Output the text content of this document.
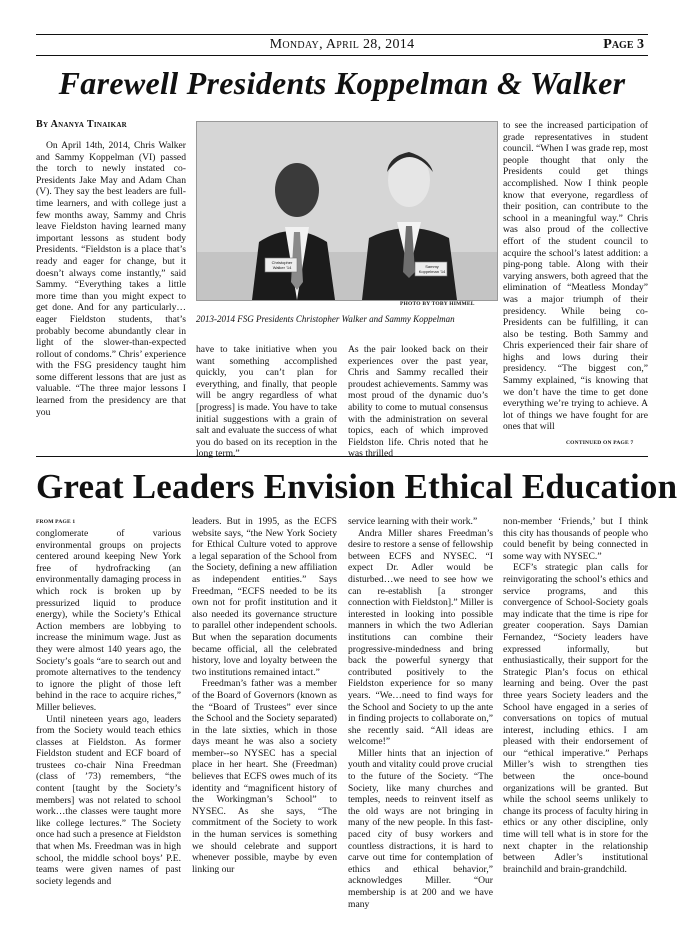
Monday, April 28, 2014	Page 3
Farewell Presidents Koppelman & Walker
By Ananya Tinaikar

On April 14th, 2014, Chris Walker and Sammy Koppelman (VI) passed the torch to newly instated co-Presidents Jake May and Adam Chan (V). They say the best leaders are full-time learners, and with college just a few months away, Sammy and Chris leave Fieldston having learned many important lessons as student body Presidents. “Fieldston is a place that’s ready and eager for change, but it doesn’t always come instantly,” said Sammy. “Everything takes a little more time than you might expect to get done. And for any particularly…eager Fieldston students, that’s probably become abundantly clear in light of the slower-than-expected rollout of condoms.” Chris’ experience with the FSG presidency taught him some different lessons that are just as valuable. “The three major lessons I learned from the presidency are that you

Christopher Walker '14	Sammy Koppelman '14
PHOTO BY TOBY HIMMEL
2013-2014 FSG Presidents Christopher Walker and Sammy Koppelman

have to take initiative when you want something accomplished quickly, you can’t plan for everything, and finally, that people will be angry regardless of what [progress] is made. You have to take initial suggestions with a grain of salt and evaluate the success of what you do based on its reception in the long term.”

As the pair looked back on their experiences over the past year, Chris and Sammy recalled their proudest achievements. Sammy was most proud of the dynamic duo’s ability to come to mutual consensus with the administration on several topics, each of which improved Fieldston life. Chris noted that he was thrilled

to see the increased participation of grade representatives in student council. “When I was grade rep, most people thought that only the Presidents could get things accomplished. Now I think people know that everyone, regardless of their position, can contribute to the school in a meaningful way.” Chris was also proud of the collective effort of the student council to acquire the school’s latest addition: a ping-pong table. Along with their varying answers, both agreed that the elimination of “Meatless Monday” was a major triumph of their presidency. While being co-Presidents can be fulfilling, it can also be testing. Both Sammy and Chris experienced their fair share of highs and lows during their presidency. “The biggest con,” Sammy explained, “is knowing that we don’t have the time to get done everything we’re trying to achieve. A lot of things we have fought for are ones that will

CONTINUED ON PAGE 7
Great Leaders Envision Ethical Education
FROM PAGE 1

conglomerate of various environmental groups on projects centered around keeping New York free of hydrofracking (an environmentally damaging process in which rock is broken up by pressurized liquid to produce energy), while the Society’s Ethical Action members are lobbying to increase the minimum wage. Just as they were almost 140 years ago, the Society’s goals “are to search out and promote alternatives to the tendency to ignore the plight of those left behind in the race to acquire riches,” Miller believes.

Until nineteen years ago, leaders from the Society would teach ethics classes at Fieldston. As former Fieldston student and ECF board of trustees co-chair Nina Freedman (class of ’73) remembers, “the content [taught by the Society’s members] was not related to school work…the classes were taught more like college lectures.” The Society once had such a presence at Fieldston that when Ms. Freedman was in high school, the middle school boys’ P.E. teams were given names of past society legends and

leaders. But in 1995, as the ECFS website says, “the New York Society for Ethical Culture voted to approve a legal separation of the School from the Society, defining a new affiliation as independent entities.” Says Freedman, “ECFS needed to be its own not for profit institution and it also needed its governance structure to parallel other independent schools. But when the separation documents became official, all the celebrated history, love and loyalty between the two institutions remained intact.”

Freedman’s father was a member of the Board of Governors (known as the “Board of Trustees” ever since the School and the Society separated) in the late sixties, which in those days meant he was also a society member--so NYSEC has a special place in her heart. She (Freedman) believes that ECFS owes much of its identity and “magnificent history of the Workingman’s School” to NYSEC. As she says, “The commitment of the Society to work in the human services is something we should celebrate and support whenever possible, maybe by even linking our

service learning with their work.”

Andra Miller shares Freedman’s desire to restore a sense of fellowship between ECFS and NYSEC. “I expect Dr. Adler would be disturbed…we need to see how we can re-establish [a stronger connection with Fieldston].” Miller is interested in looking into possible manners in which the two Adlerian institutions can combine their progressive-mindedness and bring back the powerful synergy that contributed positively to the Fieldston experience for so many years. “We…need to find ways for the School and Society to up the ante in finding projects to collaborate on,” she recently said. “All ideas are welcome!”

Miller hints that an injection of youth and vitality could prove crucial to the future of the Society. “The Society, like many churches and temples, needs to reinvent itself as the old ways are not bringing in many of the new people. In this fast-paced city of busy workers and countless distractions, it is hard to carve out time for contemplation of ethics and ethical behavior,” acknowledges Miller. “Our membership is at 200 and we have many

non-member ‘Friends,’ but I think this city has thousands of people who could benefit by being connected in some way with NYSEC.”

ECF’s strategic plan calls for reinvigorating the school’s ethics and service programs, and this convergence of School-Society goals may indicate that the time is ripe for greater cooperation. Says Damian Fernandez, “Society leaders have expressed informally, but enthusiastically, their support for the Strategic Plan’s focus on ethical learning and being. Over the past three years Society leaders and the School have engaged in a series of conversations on topics of mutual interest, including ethics. I am pleased with their endorsement of our “ethical imperative.” Perhaps Miller’s wish to strengthen ties between the once-bound organizations will be granted. But while the school seems unlikely to change its process of faculty hiring in ethics or any other discipline, only time will tell what is in store for the next chapter in the relationship between Adler’s institutional brainchild and brain-grandchild.
